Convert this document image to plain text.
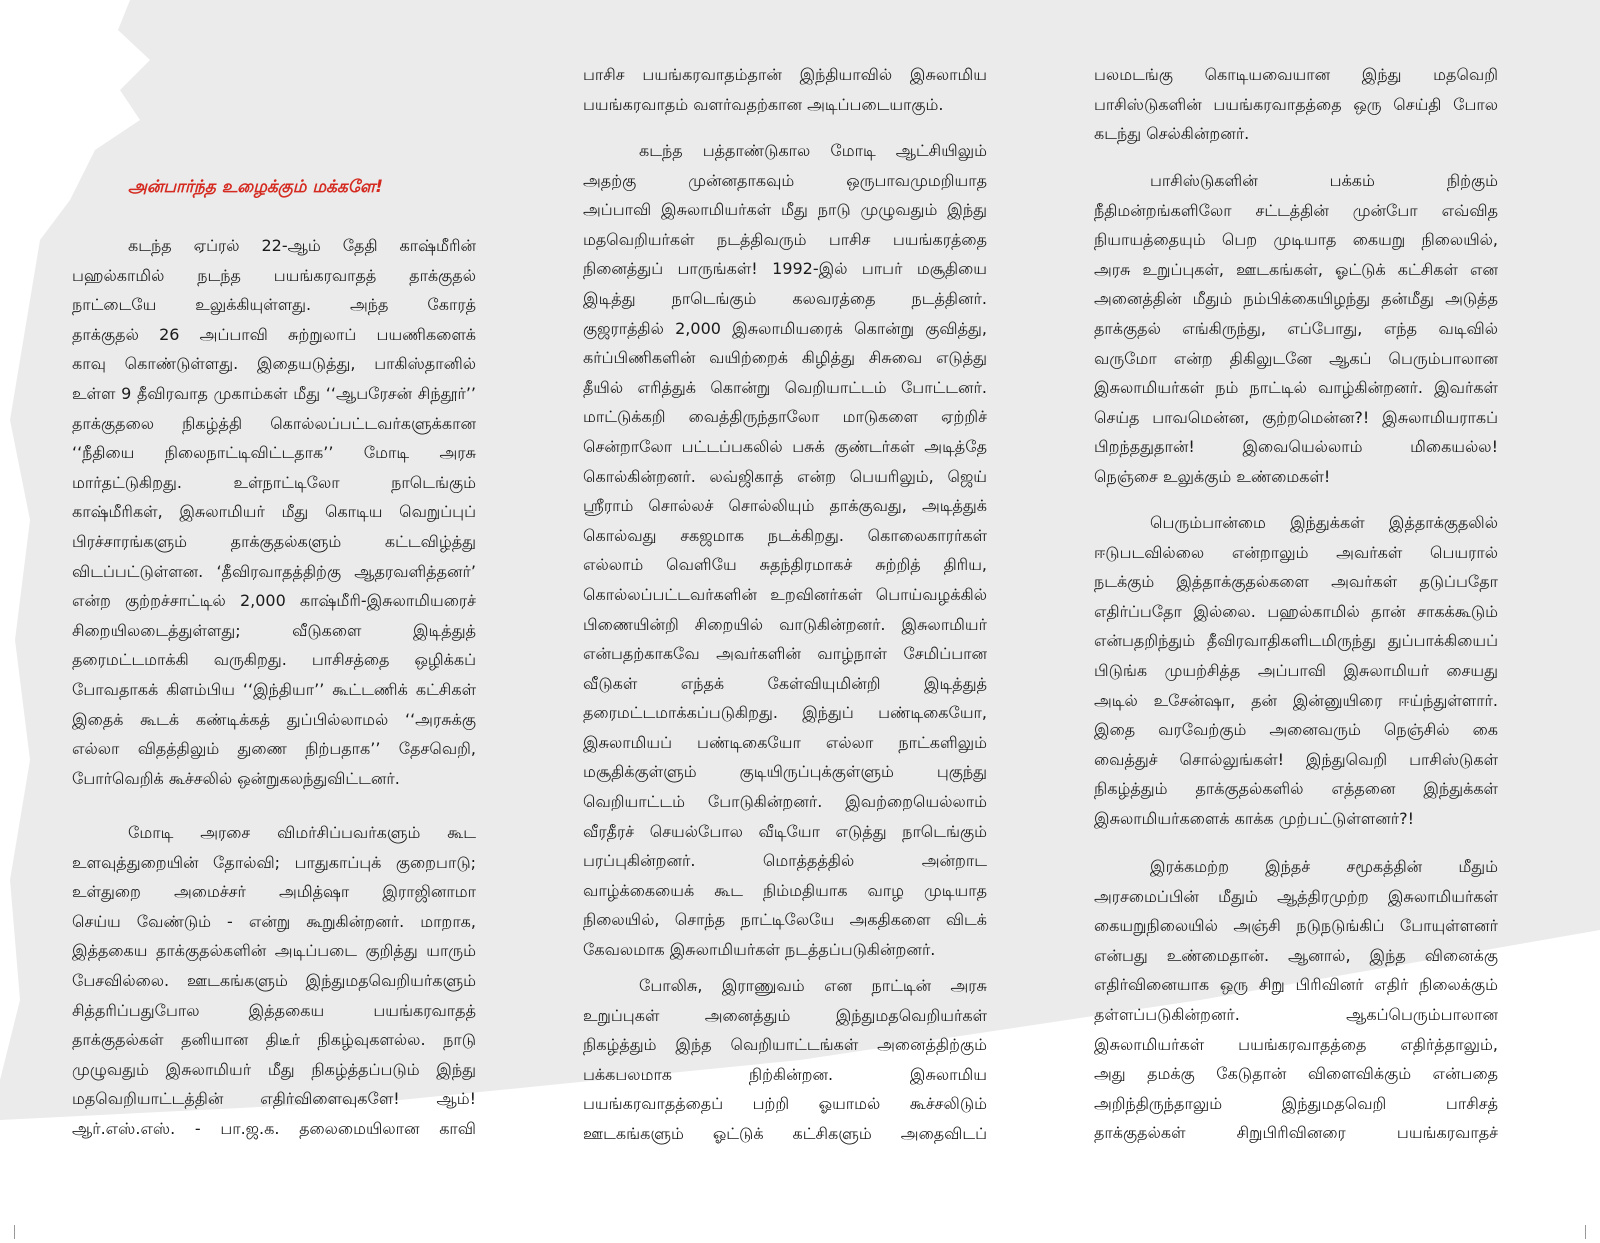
அன்பார்ந்த உழைக்கும் மக்களே!
கடந்த ஏப்ரல் 22-ஆம் தேதி காஷ்மீரின்
பஹல்காமில் நடந்த பயங்கரவாதத் தாக்குதல்
நாட்டையே உலுக்கியுள்ளது. அந்த கோரத்
தாக்குதல் 26 அப்பாவி சுற்றுலாப் பயணிகளைக்
காவு கொண்டுள்ளது. இதையடுத்து, பாகிஸ்தானில்
உள்ள 9 தீவிரவாத முகாம்கள் மீது ‘‘ஆபரேசன் சிந்தூர்’’
தாக்குதலை நிகழ்த்தி கொல்லப்பட்டவர்களுக்கான
‘‘நீதியை நிலைநாட்டிவிட்டதாக’’ மோடி அரசு
மார்தட்டுகிறது. உள்நாட்டிலோ நாடெங்கும்
காஷ்மீரிகள், இசுலாமியர் மீது கொடிய வெறுப்புப்
பிரச்சாரங்களும் தாக்குதல்களும் கட்டவிழ்த்து
விடப்பட்டுள்ளன. ‘தீவிரவாதத்திற்கு ஆதரவளித்தனர்’
என்ற குற்றச்சாட்டில் 2,000 காஷ்மீரி-இசுலாமியரைச்
சிறையிலடைத்துள்ளது; வீடுகளை இடித்துத்
தரைமட்டமாக்கி வருகிறது. பாசிசத்தை ஒழிக்கப்
போவதாகக் கிளம்பிய ‘‘இந்தியா’’ கூட்டணிக் கட்சிகள்
இதைக் கூடக் கண்டிக்கத் துப்பில்லாமல் ‘‘அரசுக்கு
எல்லா விதத்திலும் துணை நிற்பதாக’’ தேசவெறி,
போர்வெறிக் கூச்சலில் ஒன்றுகலந்துவிட்டனர்.
மோடி அரசை விமர்சிப்பவர்களும் கூட
உளவுத்துறையின் தோல்வி; பாதுகாப்புக் குறைபாடு;
உள்துறை அமைச்சர் அமித்ஷா இராஜினாமா
செய்ய வேண்டும் - என்று கூறுகின்றனர். மாறாக,
இத்தகைய தாக்குதல்களின் அடிப்படை குறித்து யாரும்
பேசவில்லை. ஊடகங்களும் இந்துமதவெறியர்களும்
சித்தரிப்பதுபோல இத்தகைய பயங்கரவாதத்
தாக்குதல்கள் தனியான திடீர் நிகழ்வுகளல்ல. நாடு
முழுவதும் இசுலாமியர் மீது நிகழ்த்தப்படும் இந்து
மதவெறியாட்டத்தின் எதிர்விளைவுகளே! ஆம்!
ஆர்.எஸ்.எஸ். - பா.ஜ.க. தலைமையிலான காவி
பாசிச பயங்கரவாதம்தான் இந்தியாவில் இசுலாமிய
பயங்கரவாதம் வளர்வதற்கான அடிப்படையாகும்.
கடந்த பத்தாண்டுகால மோடி ஆட்சியிலும்
அதற்கு முன்னதாகவும் ஒருபாவமுமறியாத
அப்பாவி இசுலாமியர்கள் மீது நாடு முழுவதும் இந்து
மதவெறியர்கள் நடத்திவரும் பாசிச பயங்கரத்தை
நினைத்துப் பாருங்கள்! 1992-இல் பாபர் மசூதியை
இடித்து நாடெங்கும் கலவரத்தை நடத்தினர்.
குஜராத்தில் 2,000 இசுலாமியரைக் கொன்று குவித்து,
கர்ப்பிணிகளின் வயிற்றைக் கிழித்து சிசுவை எடுத்து
தீயில் எரித்துக் கொன்று வெறியாட்டம் போட்டனர்.
மாட்டுக்கறி வைத்திருந்தாலோ மாடுகளை ஏற்றிச்
சென்றாலோ பட்டப்பகலில் பசுக் குண்டர்கள் அடித்தே
கொல்கின்றனர். லவ்ஜிகாத் என்ற பெயரிலும், ஜெய்
ஸ்ரீராம் சொல்லச் சொல்லியும் தாக்குவது, அடித்துக்
கொல்வது சகஜமாக நடக்கிறது. கொலைகாரர்கள்
எல்லாம் வெளியே சுதந்திரமாகச் சுற்றித் திரிய,
கொல்லப்பட்டவர்களின் உறவினர்கள் பொய்வழக்கில்
பிணையின்றி சிறையில் வாடுகின்றனர். இசுலாமியர்
என்பதற்காகவே அவர்களின் வாழ்நாள் சேமிப்பான
வீடுகள் எந்தக் கேள்வியுமின்றி இடித்துத்
தரைமட்டமாக்கப்படுகிறது. இந்துப் பண்டிகையோ,
இசுலாமியப் பண்டிகையோ எல்லா நாட்களிலும்
மசூதிக்குள்ளும் குடியிருப்புக்குள்ளும் புகுந்து
வெறியாட்டம் போடுகின்றனர். இவற்றையெல்லாம்
வீரதீரச் செயல்போல வீடியோ எடுத்து நாடெங்கும்
பரப்புகின்றனர். மொத்தத்தில் அன்றாட
வாழ்க்கையைக் கூட நிம்மதியாக வாழ முடியாத
நிலையில், சொந்த நாட்டிலேயே அகதிகளை விடக்
கேவலமாக இசுலாமியர்கள் நடத்தப்படுகின்றனர்.
போலிசு, இராணுவம் என நாட்டின் அரசு
உறுப்புகள் அனைத்தும் இந்துமதவெறியர்கள்
நிகழ்த்தும் இந்த வெறியாட்டங்கள் அனைத்திற்கும்
பக்கபலமாக நிற்கின்றன. இசுலாமிய
பயங்கரவாதத்தைப் பற்றி ஓயாமல் கூச்சலிடும்
ஊடகங்களும் ஓட்டுக் கட்சிகளும் அதைவிடப்
பலமடங்கு கொடியவையான இந்து மதவெறி
பாசிஸ்டுகளின் பயங்கரவாதத்தை ஒரு செய்தி போல
கடந்து செல்கின்றனர்.
பாசிஸ்டுகளின் பக்கம் நிற்கும்
நீதிமன்றங்களிலோ சட்டத்தின் முன்போ எவ்வித
நியாயத்தையும் பெற முடியாத கையறு நிலையில்,
அரசு உறுப்புகள், ஊடகங்கள், ஓட்டுக் கட்சிகள் என
அனைத்தின் மீதும் நம்பிக்கையிழந்து தன்மீது அடுத்த
தாக்குதல் எங்கிருந்து, எப்போது, எந்த வடிவில்
வருமோ என்ற திகிலுடனே ஆகப் பெரும்பாலான
இசுலாமியர்கள் நம் நாட்டில் வாழ்கின்றனர். இவர்கள்
செய்த பாவமென்ன, குற்றமென்ன?! இசுலாமியராகப்
பிறந்ததுதான்! இவையெல்லாம் மிகையல்ல!
நெஞ்சை உலுக்கும் உண்மைகள்!
பெரும்பான்மை இந்துக்கள் இத்தாக்குதலில்
ஈடுபடவில்லை என்றாலும் அவர்கள் பெயரால்
நடக்கும் இத்தாக்குதல்களை அவர்கள் தடுப்பதோ
எதிர்ப்பதோ இல்லை. பஹல்காமில் தான் சாகக்கூடும்
என்பதறிந்தும் தீவிரவாதிகளிடமிருந்து துப்பாக்கியைப்
பிடுங்க முயற்சித்த அப்பாவி இசுலாமியர் சையது
அடில் உசேன்ஷா, தன் இன்னுயிரை ஈய்ந்துள்ளார்.
இதை வரவேற்கும் அனைவரும் நெஞ்சில் கை
வைத்துச் சொல்லுங்கள்! இந்துவெறி பாசிஸ்டுகள்
நிகழ்த்தும் தாக்குதல்களில் எத்தனை இந்துக்கள்
இசுலாமியர்களைக் காக்க முற்பட்டுள்ளனர்?!
இரக்கமற்ற இந்தச் சமூகத்தின் மீதும்
அரசமைப்பின் மீதும் ஆத்திரமுற்ற இசுலாமியர்கள்
கையறுநிலையில் அஞ்சி நடுநடுங்கிப் போயுள்ளனர்
என்பது உண்மைதான். ஆனால், இந்த வினைக்கு
எதிர்வினையாக ஒரு சிறு பிரிவினர் எதிர் நிலைக்கும்
தள்ளப்படுகின்றனர். ஆகப்பெரும்பாலான
இசுலாமியர்கள் பயங்கரவாதத்தை எதிர்த்தாலும்,
அது தமக்கு கேடுதான் விளைவிக்கும் என்பதை
அறிந்திருந்தாலும் இந்துமதவெறி பாசிசத்
தாக்குதல்கள் சிறுபிரிவினரை பயங்கரவாதச்
